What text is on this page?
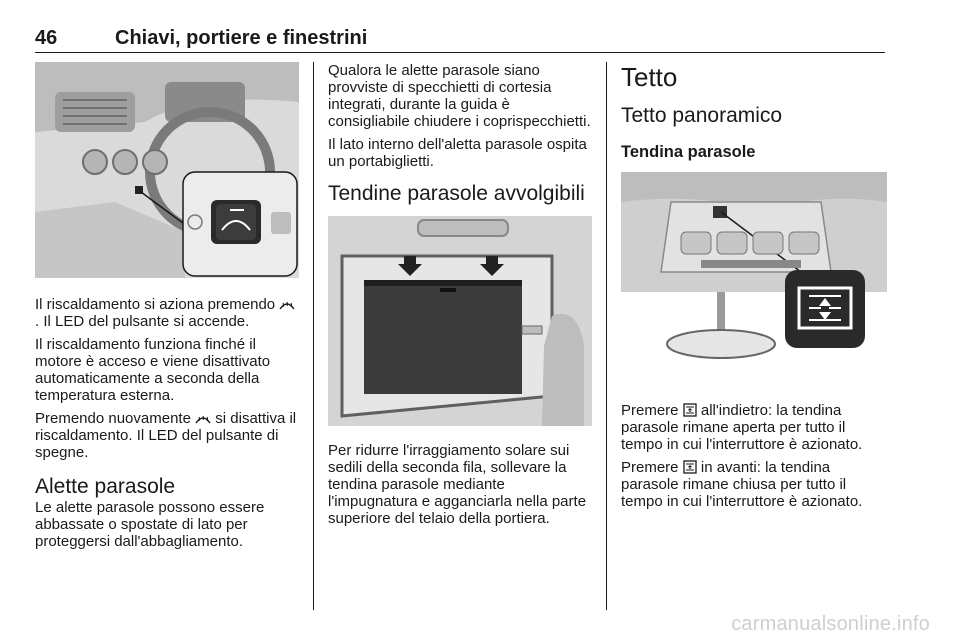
46	Chiavi, portiere e finestrini

Il riscaldamento si aziona premendo . Il LED del pulsante si accende.

Il riscaldamento funziona finché il motore è acceso e viene disattivato automaticamente a seconda della temperatura esterna.

Premendo nuovamente  si disattiva il riscaldamento. Il LED del pulsante di spegne.

Alette parasole

Le alette parasole possono essere abbassate o spostate di lato per proteggersi dall'abbagliamento.

Qualora le alette parasole siano provviste di specchietti di cortesia integrati, durante la guida è consigliabile chiudere i coprispecchietti.

Il lato interno dell'aletta parasole ospita un portabiglietti.

Tendine parasole avvolgibili

Per ridurre l'irraggiamento solare sui sedili della seconda fila, sollevare la tendina parasole mediante l'impugnatura e agganciarla nella parte superiore del telaio della portiera.

Tetto
Tetto panoramico
Tendina parasole

Premere  all'indietro: la tendina parasole rimane aperta per tutto il tempo in cui l'interruttore è azionato.

Premere  in avanti: la tendina parasole rimane chiusa per tutto il tempo in cui l'interruttore è azionato.

carmanualsonline.info
